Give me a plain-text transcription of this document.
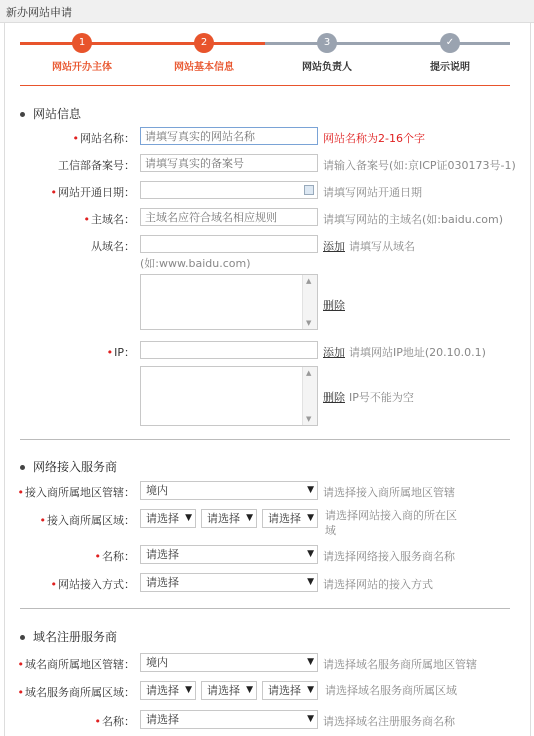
新办网站申请
1	2	3	✓
网站开办主体	网站基本信息	网站负责人	提示说明
网站信息
•网站名称：
请填写真实的网站名称	网站名称为2-16个字
工信部备案号：
请填写真实的备案号	请输入备案号(如:京ICP证030173号-1)
•网站开通日期：	请填写网站开通日期
•主域名：
主域名应符合域名相应规则	请填写网站的主域名(如:baidu.com)
从域名：	添加 请填写从域名
(如:www.baidu.com)
▲
▼
删除
•IP：	添加 请填网站IP地址(20.10.0.1)
▲
▼
删除 IP号不能为空
网络接入服务商
•接入商所属地区管辖：	境内	▼ 请选择接入商所属地区管辖
•接入商所属区域：	请选择 ▼	请选择 ▼	请选择 ▼ 请选择网站接入商的所在区
域
•名称：	请选择	▼ 请选择网络接入服务商名称
•网站接入方式：	请选择	▼ 请选择网站的接入方式
域名注册服务商
•域名商所属地区管辖：	境内	▼ 请选择域名服务商所属地区管辖
•域名服务商所属区域：	请选择 ▼	请选择 ▼	请选择 ▼ 请选择域名服务商所属区域
•名称：	请选择	▼ 请选择域名注册服务商名称
